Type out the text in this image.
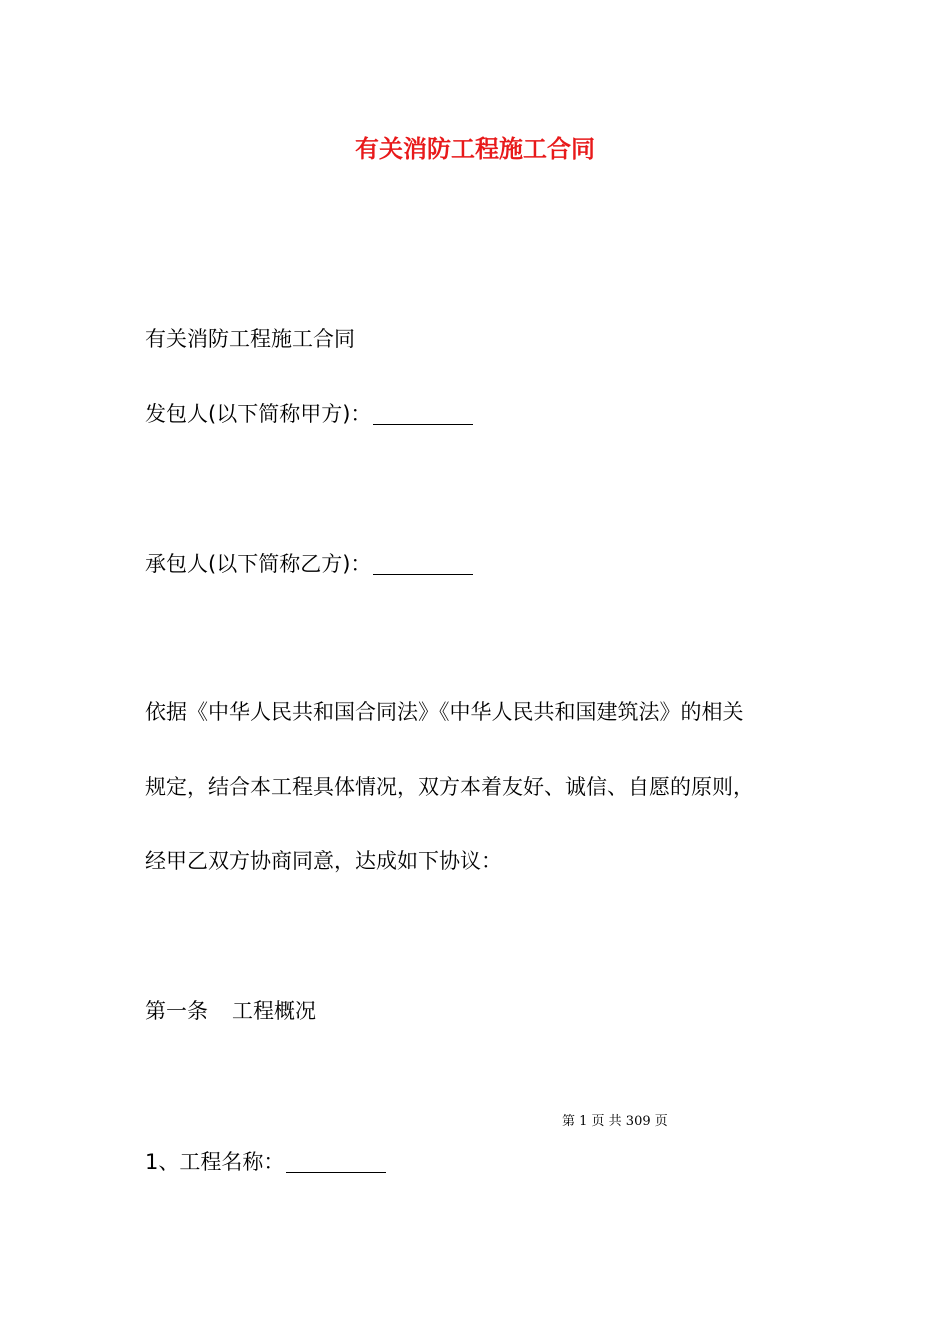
有关消防工程施工合同
有关消防工程施工合同
发包人(以下简称甲方)：
承包人(以下简称乙方)：
依据《中华人民共和国合同法》《中华人民共和国建筑法》的相关
规定，结合本工程具体情况，双方本着友好、诚信、自愿的原则，
经甲乙双方协商同意，达成如下协议：
第一条 工程概况
第 1 页 共 309 页
1、工程名称：
